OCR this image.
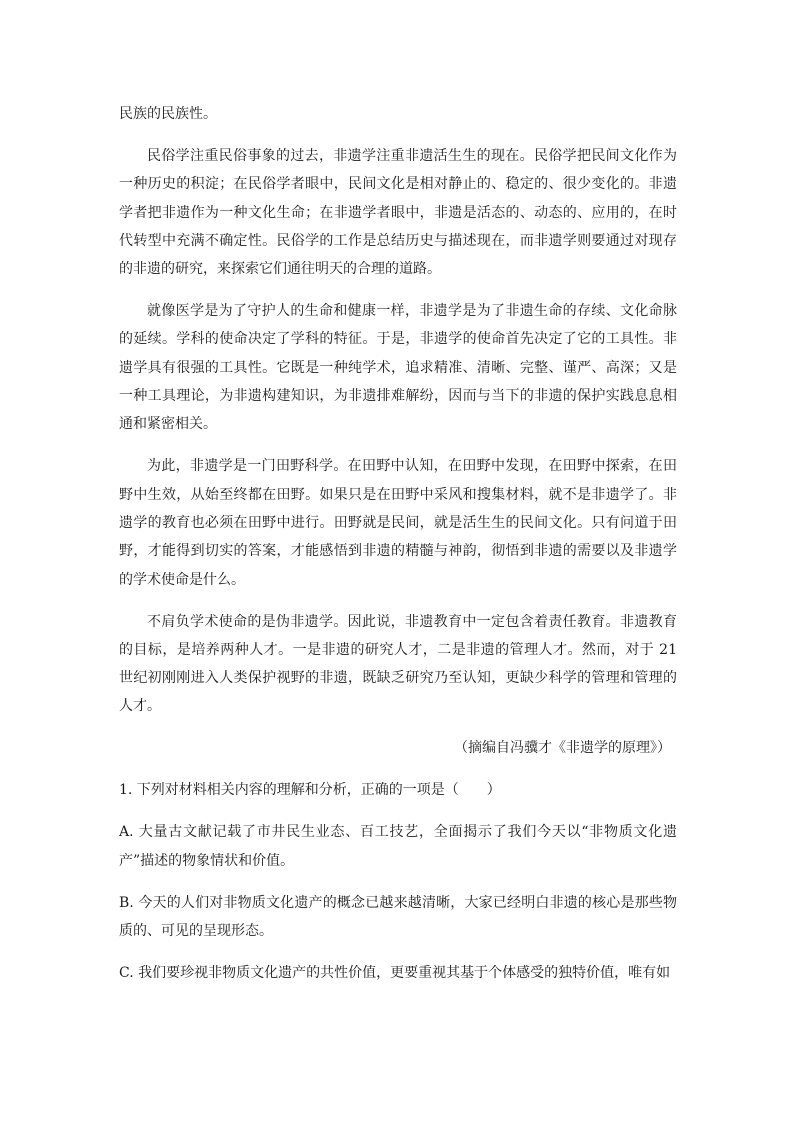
民族的民族性。

民俗学注重民俗事象的过去，非遗学注重非遗活生生的现在。民俗学把民间文化作为一种历史的积淀；在民俗学者眼中，民间文化是相对静止的、稳定的、很少变化的。非遗学者把非遗作为一种文化生命；在非遗学者眼中，非遗是活态的、动态的、应用的，在时代转型中充满不确定性。民俗学的工作是总结历史与描述现在，而非遗学则要通过对现存的非遗的研究，来探索它们通往明天的合理的道路。

就像医学是为了守护人的生命和健康一样，非遗学是为了非遗生命的存续、文化命脉的延续。学科的使命决定了学科的特征。于是，非遗学的使命首先决定了它的工具性。非遗学具有很强的工具性。它既是一种纯学术，追求精准、清晰、完整、谨严、高深；又是一种工具理论，为非遗构建知识，为非遗排难解纷，因而与当下的非遗的保护实践息息相通和紧密相关。

为此，非遗学是一门田野科学。在田野中认知，在田野中发现，在田野中探索，在田野中生效，从始至终都在田野。如果只是在田野中采风和搜集材料，就不是非遗学了。非遗学的教育也必须在田野中进行。田野就是民间，就是活生生的民间文化。只有问道于田野，才能得到切实的答案，才能感悟到非遗的精髓与神韵，彻悟到非遗的需要以及非遗学的学术使命是什么。

不肩负学术使命的是伪非遗学。因此说，非遗教育中一定包含着责任教育。非遗教育的目标，是培养两种人才。一是非遗的研究人才，二是非遗的管理人才。然而，对于 21 世纪初刚刚进入人类保护视野的非遗，既缺乏研究乃至认知，更缺少科学的管理和管理的人才。

（摘编自冯骥才《非遗学的原理》）

1. 下列对材料相关内容的理解和分析，正确的一项是（　　）

A. 大量古文献记载了市井民生业态、百工技艺，全面揭示了我们今天以“非物质文化遗产”描述的物象情状和价值。

B. 今天的人们对非物质文化遗产的概念已越来越清晰，大家已经明白非遗的核心是那些物质的、可见的呈现形态。

C. 我们要珍视非物质文化遗产的共性价值，更要重视其基于个体感受的独特价值，唯有如
